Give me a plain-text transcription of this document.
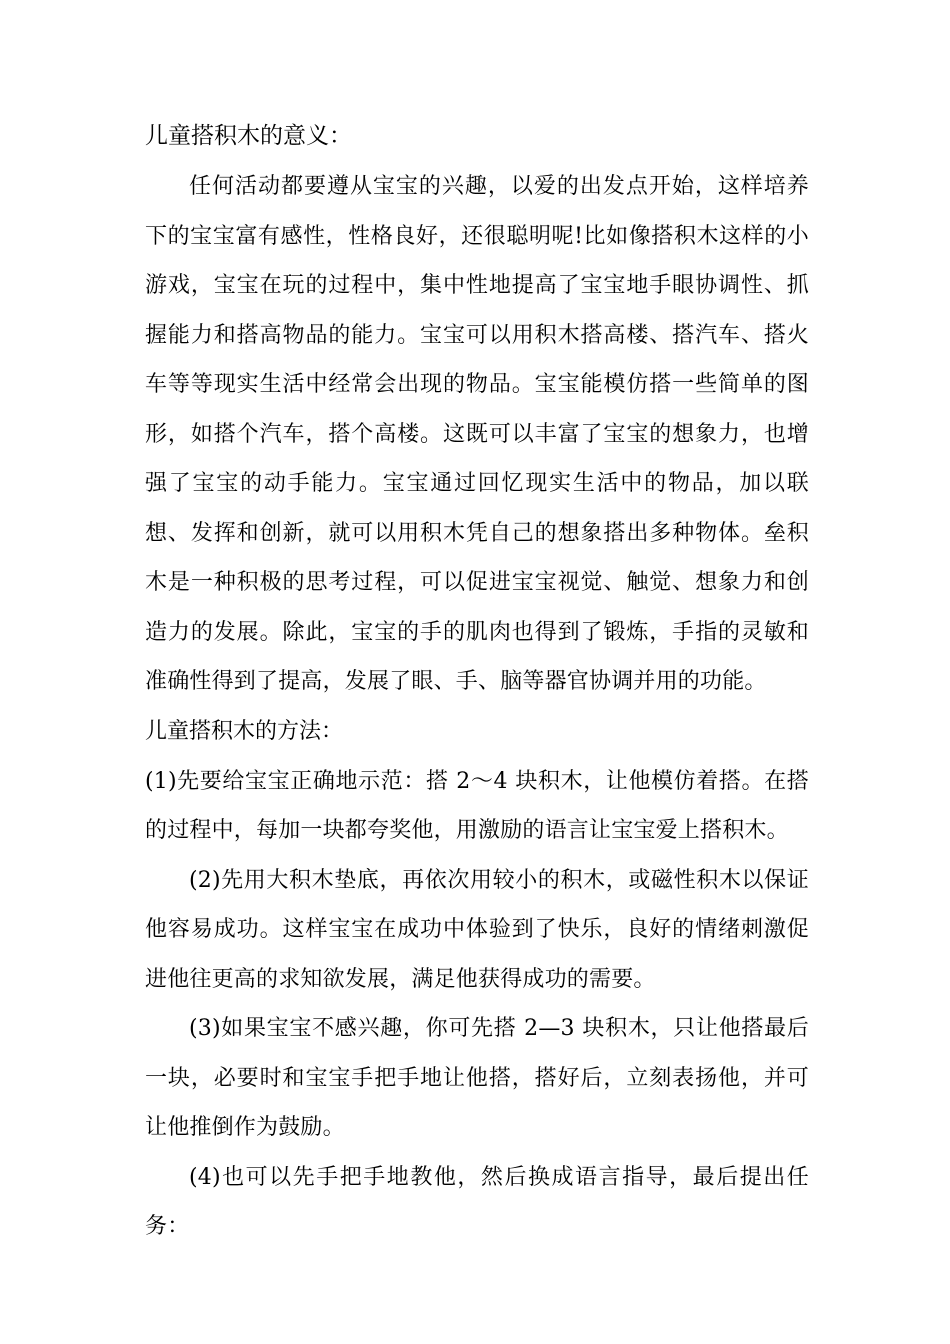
儿童搭积木的意义：

任何活动都要遵从宝宝的兴趣，以爱的出发点开始，这样培养下的宝宝富有感性，性格良好，还很聪明呢!比如像搭积木这样的小游戏，宝宝在玩的过程中，集中性地提高了宝宝地手眼协调性、抓握能力和搭高物品的能力。宝宝可以用积木搭高楼、搭汽车、搭火车等等现实生活中经常会出现的物品。宝宝能模仿搭一些简单的图形，如搭个汽车，搭个高楼。这既可以丰富了宝宝的想象力，也增强了宝宝的动手能力。宝宝通过回忆现实生活中的物品，加以联想、发挥和创新，就可以用积木凭自己的想象搭出多种物体。垒积木是一种积极的思考过程，可以促进宝宝视觉、触觉、想象力和创造力的发展。除此，宝宝的手的肌肉也得到了锻炼，手指的灵敏和准确性得到了提高，发展了眼、手、脑等器官协调并用的功能。

儿童搭积木的方法：

(1)先要给宝宝正确地示范：搭 2～4 块积木，让他模仿着搭。在搭的过程中，每加一块都夸奖他，用激励的语言让宝宝爱上搭积木。

(2)先用大积木垫底，再依次用较小的积木，或磁性积木以保证他容易成功。这样宝宝在成功中体验到了快乐，良好的情绪刺激促进他往更高的求知欲发展，满足他获得成功的需要。

(3)如果宝宝不感兴趣，你可先搭 2—3 块积木，只让他搭最后一块，必要时和宝宝手把手地让他搭，搭好后，立刻表扬他，并可让他推倒作为鼓励。

(4)也可以先手把手地教他，然后换成语言指导，最后提出任务：
